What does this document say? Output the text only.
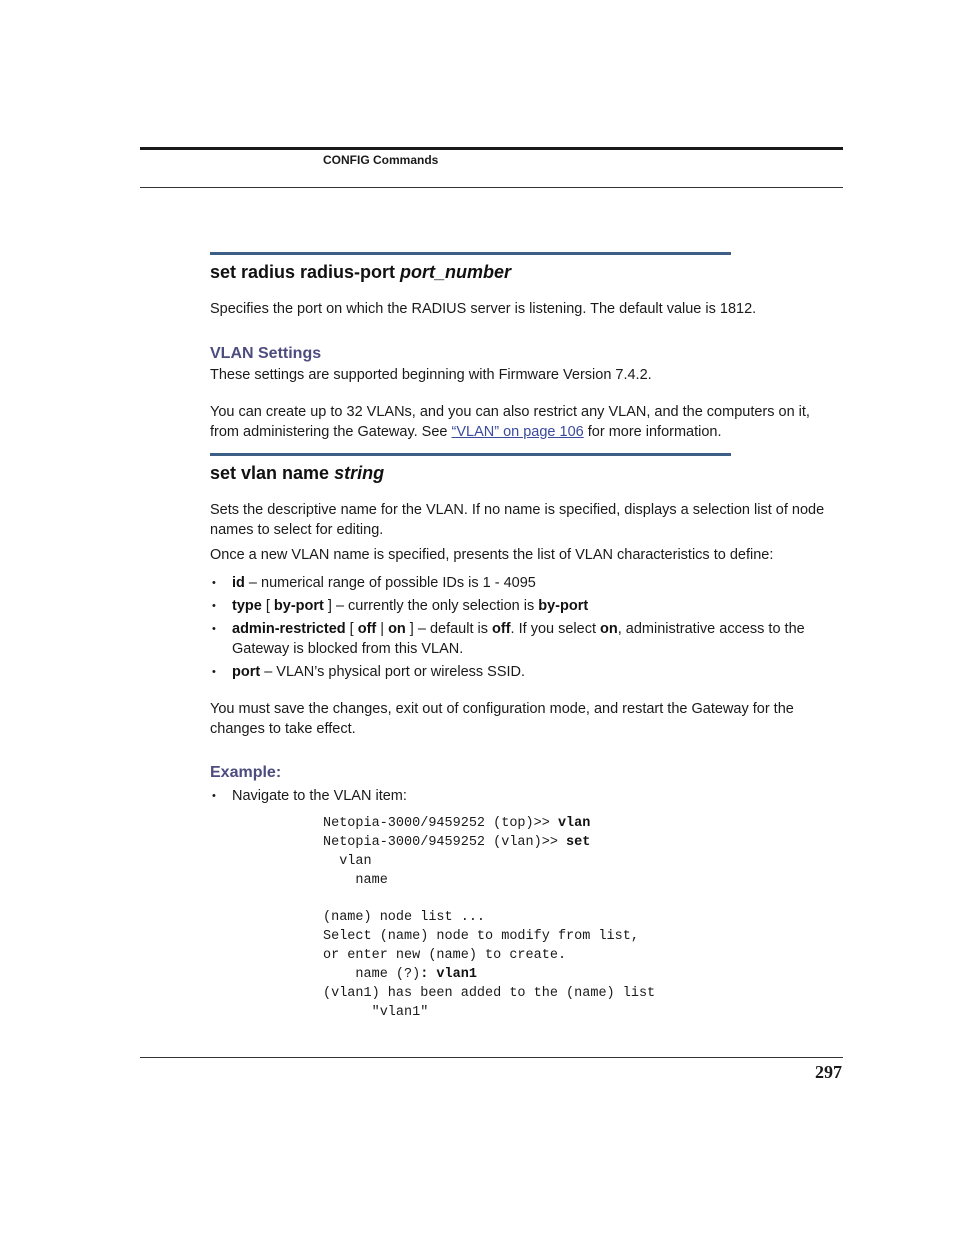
CONFIG Commands
set radius radius-port port_number

Specifies the port on which the RADIUS server is listening. The default value is 1812.

VLAN Settings

These settings are supported beginning with Firmware Version 7.4.2.

You can create up to 32 VLANs, and you can also restrict any VLAN, and the computers on it, from administering the Gateway. See “VLAN” on page 106 for more information.

set vlan name string

Sets the descriptive name for the VLAN. If no name is specified, displays a selection list of node names to select for editing.

Once a new VLAN name is specified, presents the list of VLAN characteristics to define:

• id – numerical range of possible IDs is 1 - 4095
• type [ by-port ] – currently the only selection is by-port
• admin-restricted [ off | on ] – default is off. If you select on, administrative access to the Gateway is blocked from this VLAN.
• port – VLAN’s physical port or wireless SSID.

You must save the changes, exit out of configuration mode, and restart the Gateway for the changes to take effect.

Example:
• Navigate to the VLAN item:
Netopia-3000/9459252 (top)>> vlan
Netopia-3000/9459252 (vlan)>> set
vlan
name
(name) node list ...
Select (name) node to modify from list,
or enter new (name) to create.
name (?): vlan1
(vlan1) has been added to the (name) list
"vlan1"
297
